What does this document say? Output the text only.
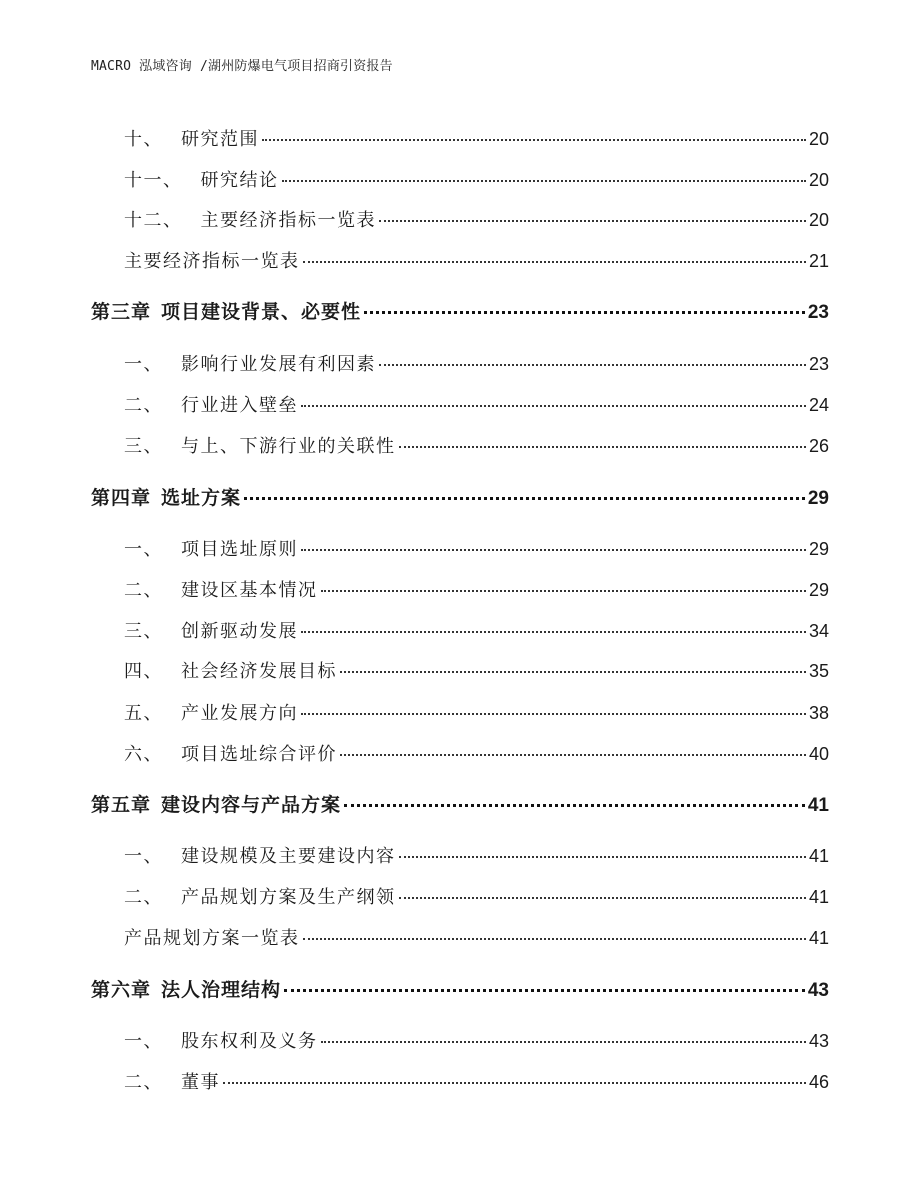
MACRO 泓域咨询 /湖州防爆电气项目招商引资报告
十、 研究范围	20
十一、 研究结论	20
十二、 主要经济指标一览表	20
主要经济指标一览表	21
第三章 项目建设背景、必要性	23
一、 影响行业发展有利因素	23
二、 行业进入壁垒	24
三、 与上、下游行业的关联性	26
第四章 选址方案	29
一、 项目选址原则	29
二、 建设区基本情况	29
三、 创新驱动发展	34
四、 社会经济发展目标	35
五、 产业发展方向	38
六、 项目选址综合评价	40
第五章 建设内容与产品方案	41
一、 建设规模及主要建设内容	41
二、 产品规划方案及生产纲领	41
产品规划方案一览表	41
第六章 法人治理结构	43
一、 股东权利及义务	43
二、 董事	46
